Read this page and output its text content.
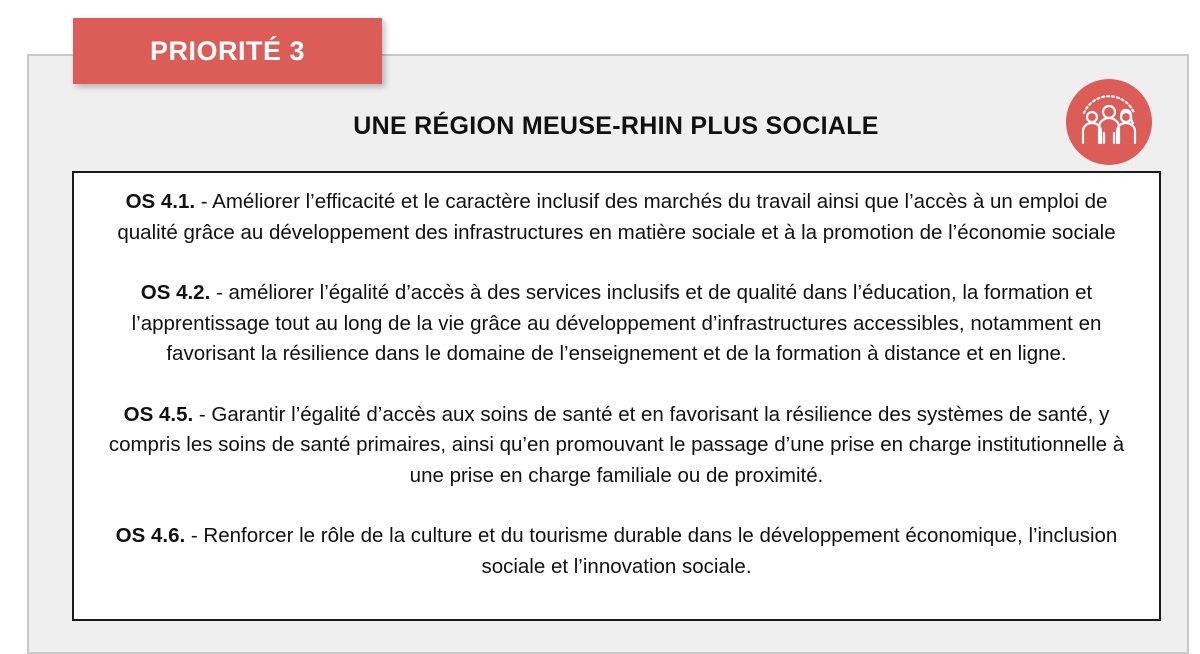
PRIORITÉ 3
UNE RÉGION MEUSE-RHIN PLUS SOCIALE

OS 4.1. - Améliorer l’efficacité et le caractère inclusif des marchés du travail ainsi que l’accès à un emploi de qualité grâce au développement des infrastructures en matière sociale et à la promotion de l’économie sociale

OS 4.2. - améliorer l’égalité d’accès à des services inclusifs et de qualité dans l’éducation, la formation et l’apprentissage tout au long de la vie grâce au développement d’infrastructures accessibles, notamment en favorisant la résilience dans le domaine de l’enseignement et de la formation à distance et en ligne.

OS 4.5. - Garantir l’égalité d’accès aux soins de santé et en favorisant la résilience des systèmes de santé, y compris les soins de santé primaires, ainsi qu’en promouvant le passage d’une prise en charge institutionnelle à une prise en charge familiale ou de proximité.

OS 4.6. - Renforcer le rôle de la culture et du tourisme durable dans le développement économique, l’inclusion sociale et l’innovation sociale.
